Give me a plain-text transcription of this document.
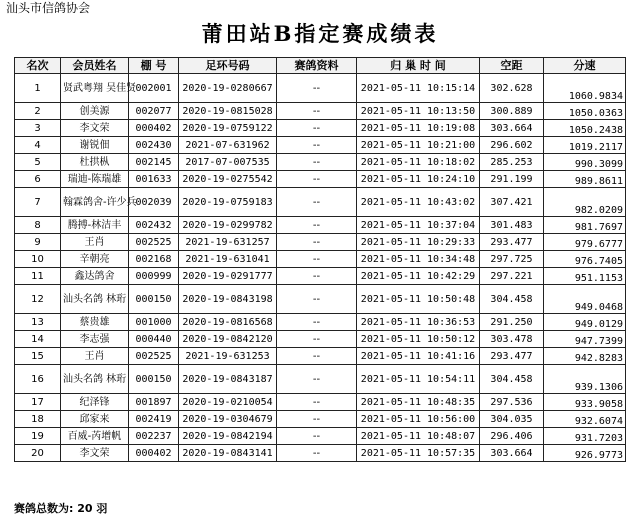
汕头市信鸽协会
莆田站B指定赛成绩表
名次	会员姓名	棚 号	足环号码	赛鸽资料	归 巢 时 间	空距	分速
1	贤武粤翔 吴佳贤	002001	2020-19-0280667	--	2021-05-11 10:15:14	302.628	1060.9834
2	创美源	002077	2020-19-0815028	--	2021-05-11 10:13:50	300.889	1050.0363
3	李文荣	000402	2020-19-0759122	--	2021-05-11 10:19:08	303.664	1050.2438
4	谢锐佃	002430	2021-07-631962	--	2021-05-11 10:21:00	296.602	1019.2117
5	杜拱枞	002145	2017-07-007535	--	2021-05-11 10:18:02	285.253	990.3099
6	瑞迪-陈瑞雄	001633	2020-19-0275542	--	2021-05-11 10:24:10	291.199	989.8611
7	翰霖鸽舍-许少兵	002039	2020-19-0759183	--	2021-05-11 10:43:02	307.421	982.0209
8	腾搏-林洁丰	002432	2020-19-0299782	--	2021-05-11 10:37:04	301.483	981.7697
9	王肖	002525	2021-19-631257	--	2021-05-11 10:29:33	293.477	979.6777
10	辛朝亮	002168	2021-19-631041	--	2021-05-11 10:34:48	297.725	976.7405
11	鑫达鸽舍	000999	2020-19-0291777	--	2021-05-11 10:42:29	297.221	951.1153
12	汕头名鸽 林珩	000150	2020-19-0843198	--	2021-05-11 10:50:48	304.458	949.0468
13	蔡贵雄	001000	2020-19-0816568	--	2021-05-11 10:36:53	291.250	949.0129
14	李志强	000440	2020-19-0842120	--	2021-05-11 10:50:12	303.478	947.7399
15	王肖	002525	2021-19-631253	--	2021-05-11 10:41:16	293.477	942.8283
16	汕头名鸽 林珩	000150	2020-19-0843187	--	2021-05-11 10:54:11	304.458	939.1306
17	纪泽锋	001897	2020-19-0210054	--	2021-05-11 10:48:35	297.536	933.9058
18	邱家来	002419	2020-19-0304679	--	2021-05-11 10:56:00	304.035	932.6074
19	百威-芮增帆	002237	2020-19-0842194	--	2021-05-11 10:48:07	296.406	931.7203
20	李文荣	000402	2020-19-0843141	--	2021-05-11 10:57:35	303.664	926.9773
赛鸽总数为: 20 羽
